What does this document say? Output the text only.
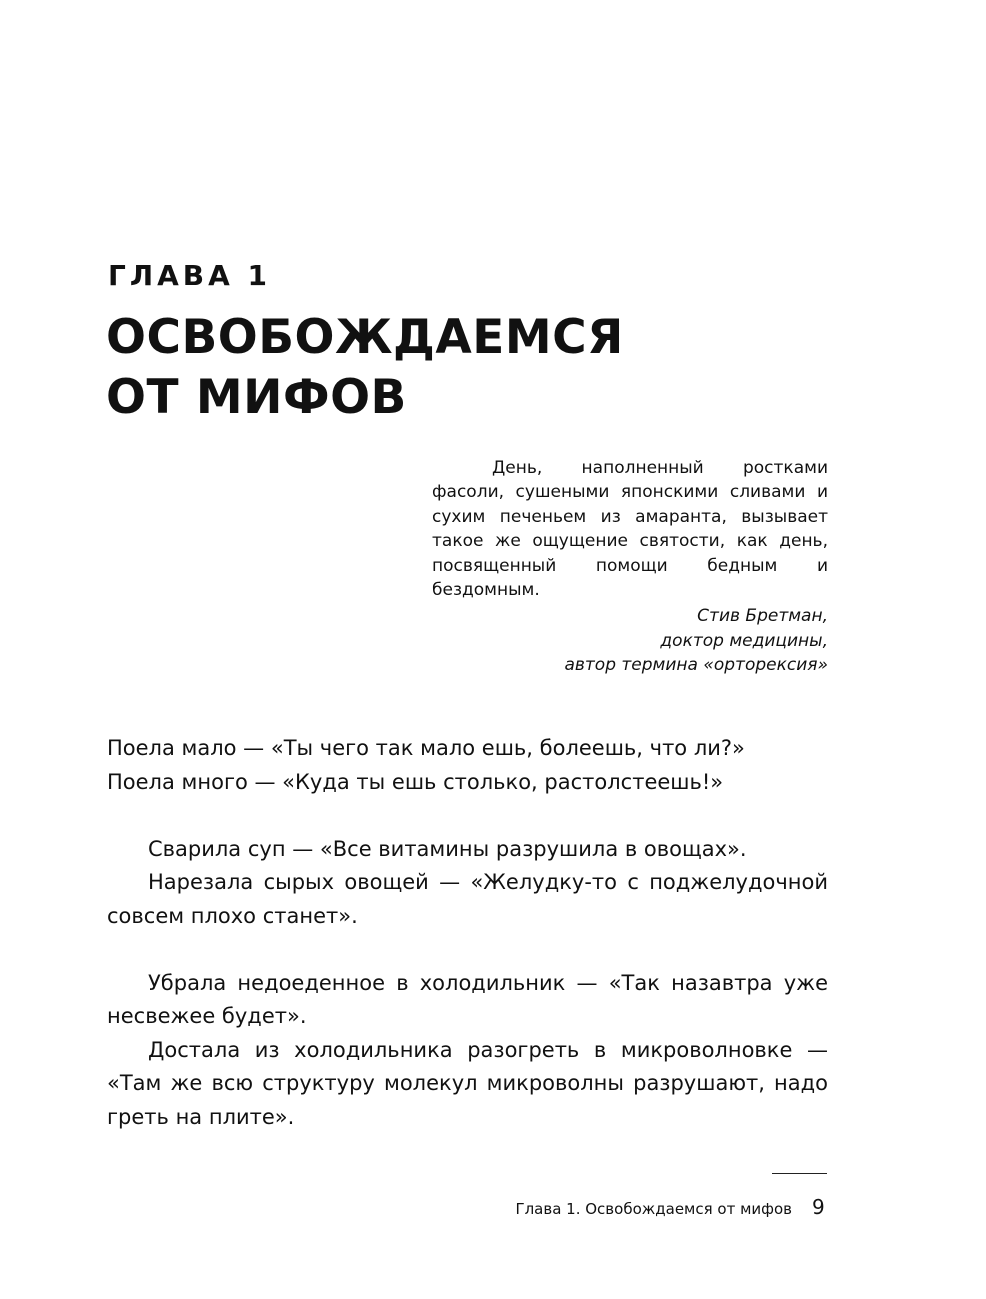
ГЛАВА 1
ОСВОБОЖДАЕМСЯ
ОТ МИФОВ

День, наполненный ростками фасоли, сушеными японскими сливами и сухим печеньем из амаранта, вызывает такое же ощущение святости, как день, посвященный помощи бедным и бездомным.

Стив Бретман,
доктор медицины,
автор термина «орторексия»

Поела мало — «Ты чего так мало ешь, болеешь, что ли?»

Поела много — «Куда ты ешь столько, растолстеешь!»

Сварила суп — «Все витамины разрушила в овощах».

Нарезала сырых овощей — «Желудку-то с поджелудочной совсем плохо станет».

Убрала недоеденное в холодильник — «Так назавтра уже несвежее будет».

Достала из холодильника разогреть в микроволновке — «Там же всю структуру молекул микроволны разрушают, надо греть на плите».

Глава 1. Освобождаемся от мифов 9
